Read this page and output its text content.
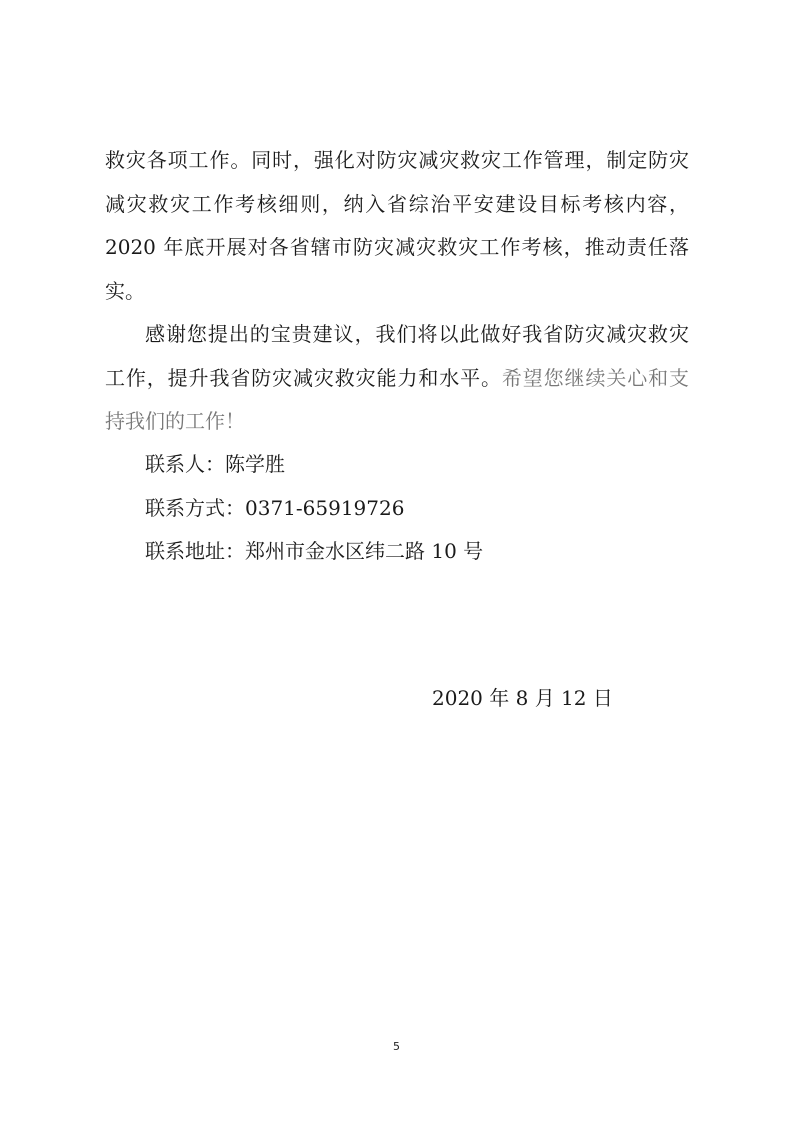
救灾各项工作。同时，强化对防灾减灾救灾工作管理，制定防灾
减灾救灾工作考核细则，纳入省综治平安建设目标考核内容，
2020 年底开展对各省辖市防灾减灾救灾工作考核，推动责任落
实。
感谢您提出的宝贵建议，我们将以此做好我省防灾减灾救灾
工作，提升我省防灾减灾救灾能力和水平。希望您继续关心和支
持我们的工作！
联系人：陈学胜
联系方式：0371-65919726
联系地址：郑州市金水区纬二路 10 号
2020 年 8 月 12 日
5
